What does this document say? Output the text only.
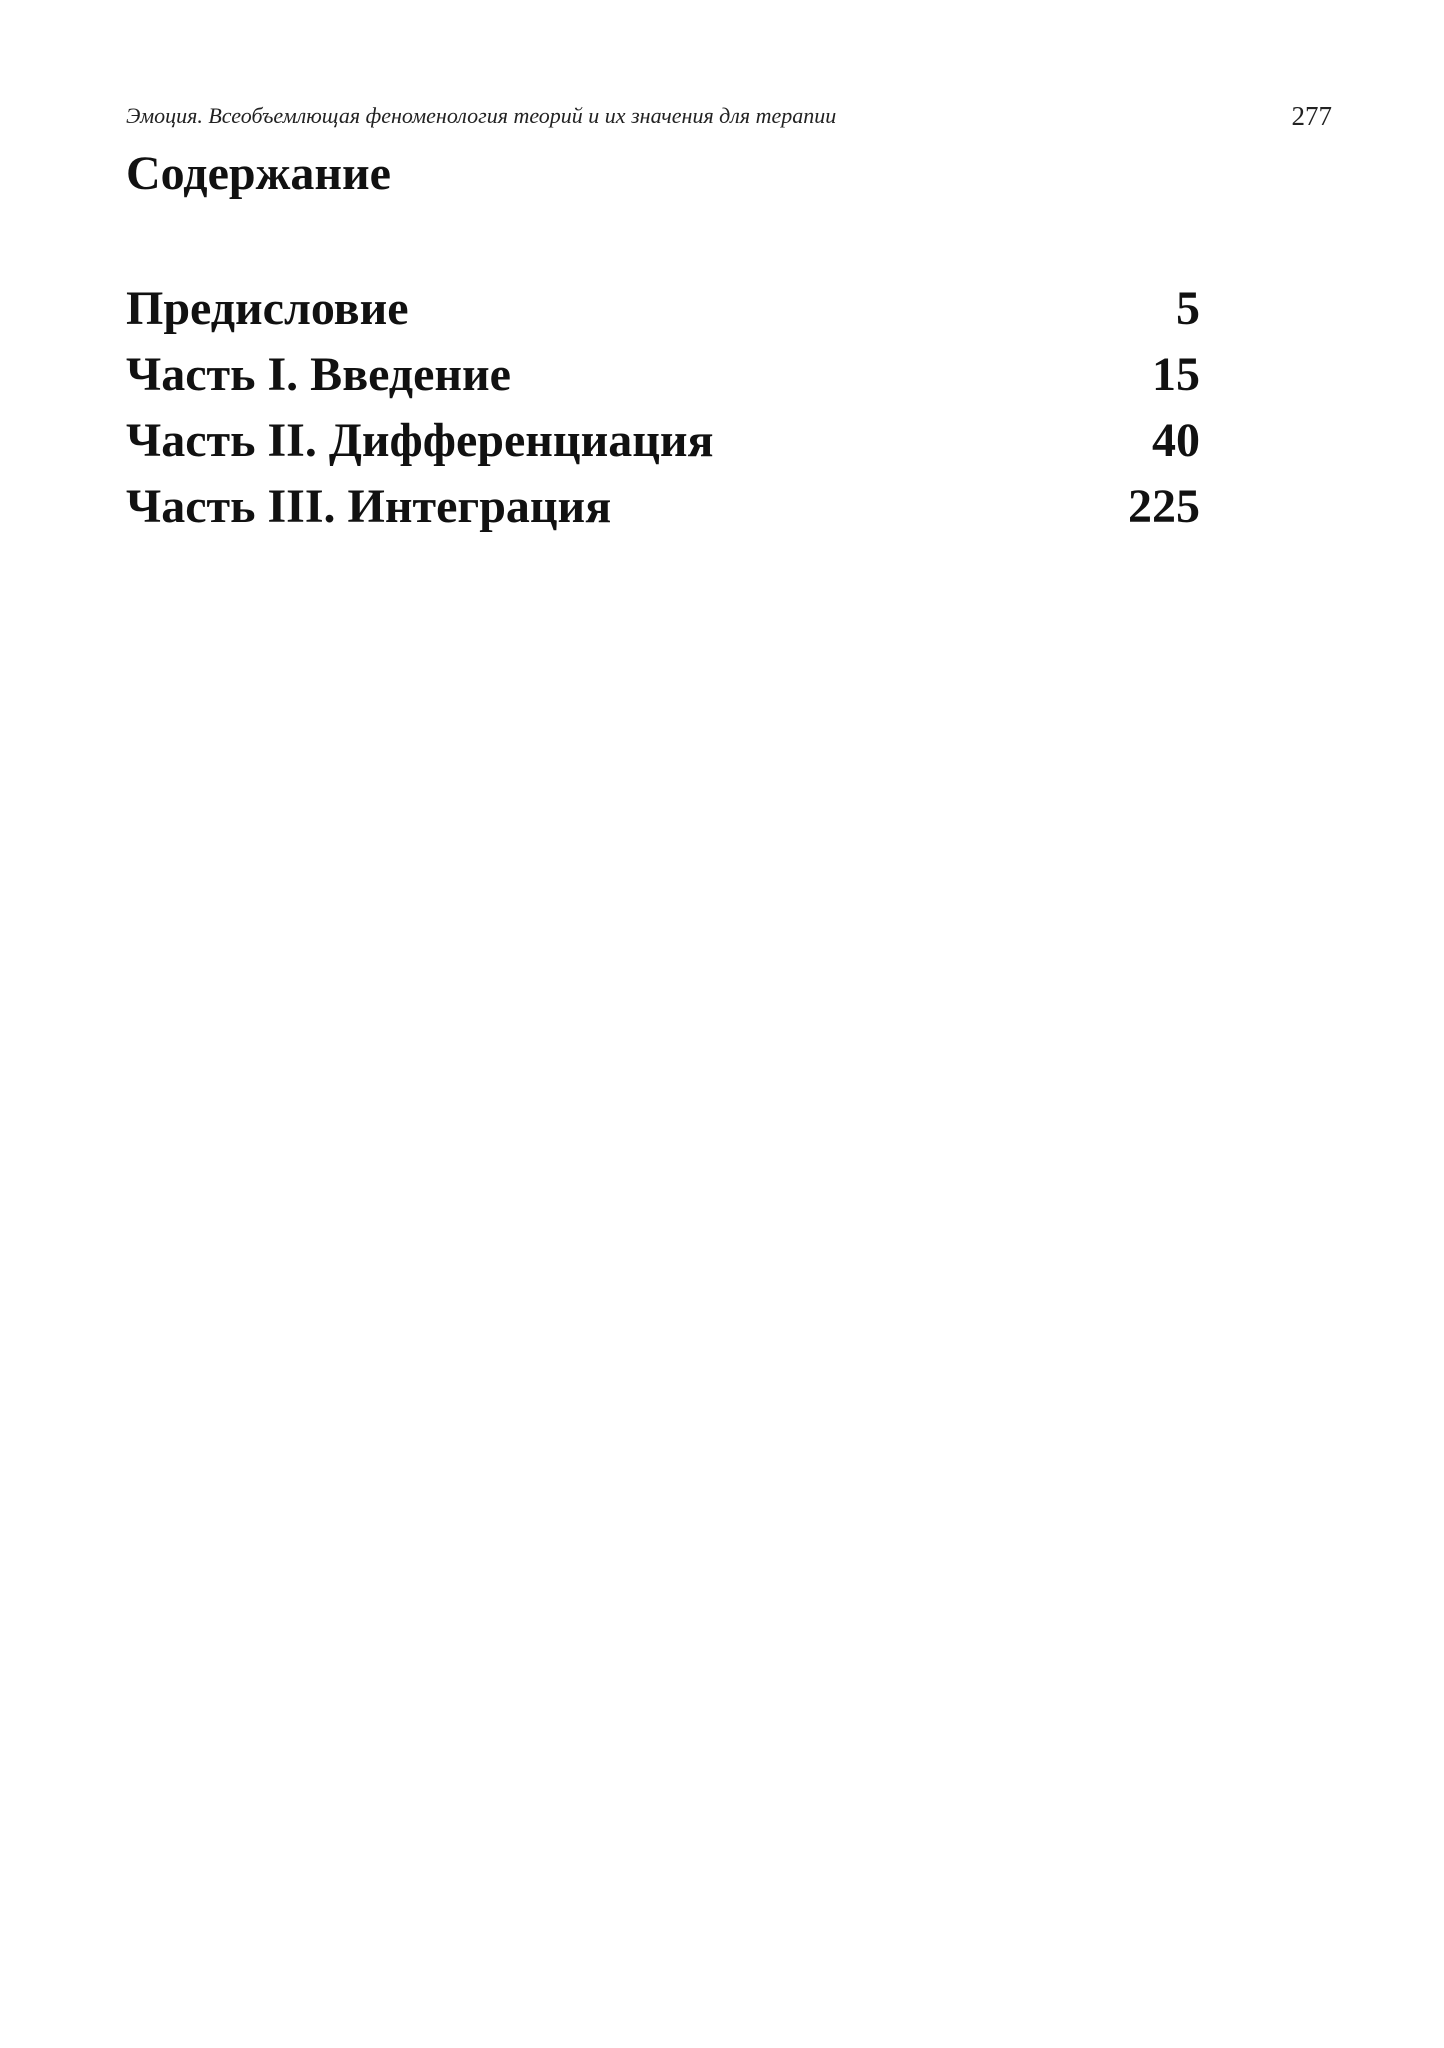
Эмоция. Всеобъемлющая феноменология теорий и их значения для терапии	277
Содержание
Предисловие	5
Часть I. Введение	15
Часть II. Дифференциация	40
Часть III. Интеграция	225
